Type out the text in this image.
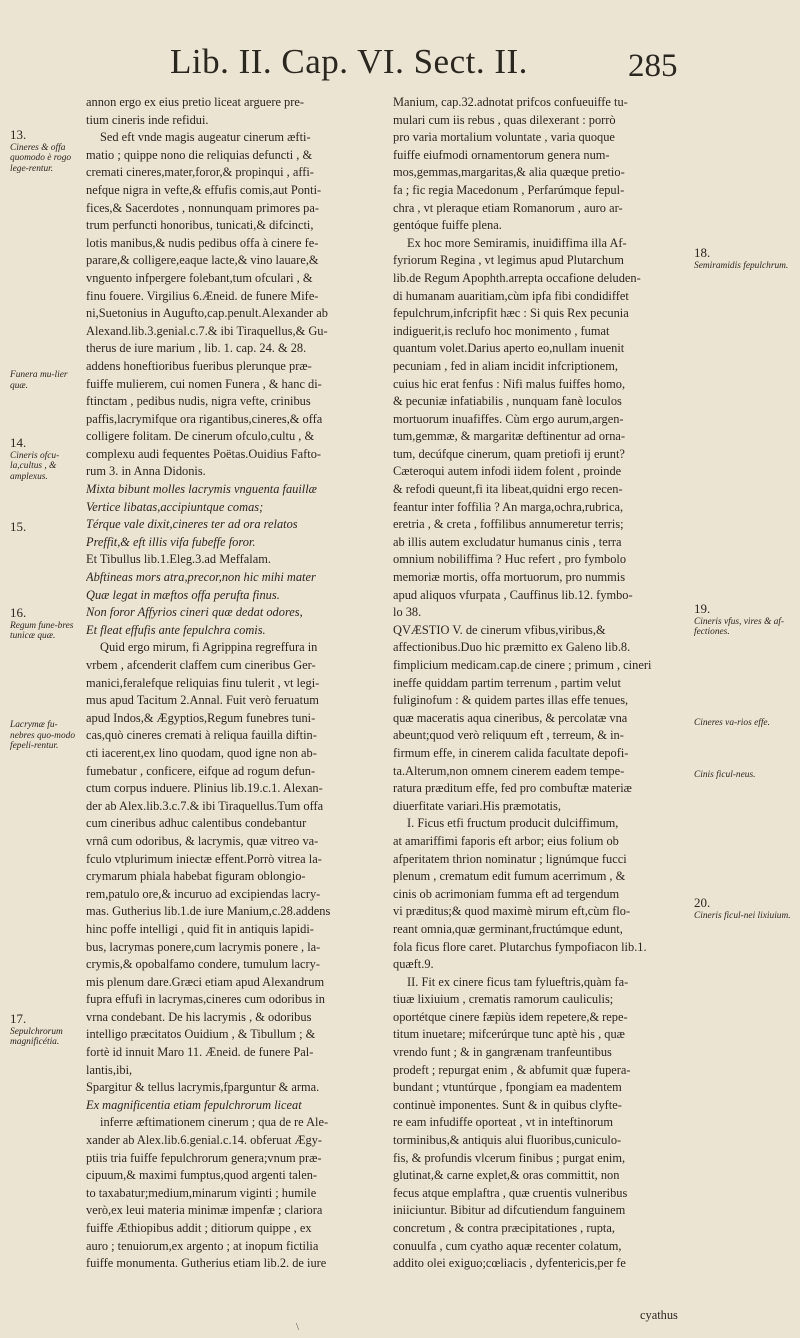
Lib. II. Cap. VI. Sect. II.	285
annon ergo ex eius pretio liceat arguere pre-
tium cineris inde refidui.
Sed eft vnde magis augeatur cinerum æfti-
matio ; quippe nono die reliquias defuncti , &
cremati cineres,mater,foror,& propinqui , affi-
nefque nigra in vefte,& effufis comis,aut Ponti-
fices,& Sacerdotes , nonnunquam primores pa-
trum perfuncti honoribus, tunicati,& difcincti,
lotis manibus,& nudis pedibus offa à cinere fe-
parare,& colligere,eaque lacte,& vino lauare,&
vnguento infpergere folebant,tum ofculari , &
finu fouere. Virgilius 6.Æneid. de funere Mife-
ni,Suetonius in Augufto,cap.penult.Alexander ab
Alexand.lib.3.genial.c.7.& ibi Tiraquellus,& Gu-
therus de iure marium , lib. 1. cap. 24. & 28.
addens honeftioribus fueribus plerunque præ-
fuiffe mulierem, cui nomen Funera , & hanc di-
ftinctam , pedibus nudis, nigra vefte, crinibus
paffis,lacrymifque ora rigantibus,cineres,& offa
colligere folitam. De cinerum ofculo,cultu , &
complexu audi fequentes Poëtas.Ouidius Fafto-
rum 3. in Anna Didonis.
Mixta bibunt molles lacrymis vnguenta fauillæ
Vertice libatas,accipiuntque comas;
Térque vale dixit,cineres ter ad ora relatos
Preffit,& eft illis vifa fubeffe foror.
Et Tibullus lib.1.Eleg.3.ad Meffalam.
Abftineas mors atra,precor,non hic mihi mater
Quæ legat in mæftos offa perufta finus.
Non foror Affyrios cineri quæ dedat odores,
Et fleat effufis ante fepulchra comis.
Quid ergo mirum, fi Agrippina regreffura in
vrbem , afcenderit claffem cum cineribus Ger-
manici,feralefque reliquias finu tulerit , vt legi-
mus apud Tacitum 2.Annal. Fuit verò feruatum
apud Indos,& Ægyptios,Regum funebres tuni-
cas,quò cineres cremati à reliqua fauilla diftin-
cti iacerent,ex lino quodam, quod igne non ab-
fumebatur , conficere, eifque ad rogum defun-
ctum corpus induere. Plinius lib.19.c.1. Alexan-
der ab Alex.lib.3.c.7.& ibi Tiraquellus.Tum offa
cum cineribus adhuc calentibus condebantur
vrnâ cum odoribus, & lacrymis, quæ vitreo va-
fculo vtplurimum iniectæ effent.Porrò vitrea la-
crymarum phiala habebat figuram oblongio-
rem,patulo ore,& incuruo ad excipiendas lacry-
mas. Gutherius lib.1.de iure Manium,c.28.addens
hinc poffe intelligi , quid fit in antiquis lapidi-
bus, lacrymas ponere,cum lacrymis ponere , la-
crymis,& opobalfamo condere, tumulum lacry-
mis plenum dare.Græci etiam apud Alexandrum
fupra effufi in lacrymas,cineres cum odoribus in
vrna condebant. De his lacrymis , & odoribus
intelligo præcitatos Ouidium , & Tibullum ; &
fortè id innuit Maro 11. Æneid. de funere Pal-
lantis,ibi,
Spargitur & tellus lacrymis,fparguntur & arma.
Ex magnificentia etiam fepulchrorum liceat
inferre æftimationem cinerum ; qua de re Ale-
xander ab Alex.lib.6.genial.c.14. obferuat Ægy-
ptiis tria fuiffe fepulchrorum genera;vnum præ-
cipuum,& maximi fumptus,quod argenti talen-
to taxabatur;medium,minarum viginti ; humile
verò,ex leui materia minimæ impenfæ ; clariora
fuiffe Æthiopibus addit ; ditiorum quippe , ex
auro ; tenuiorum,ex argento ; at inopum fictilia
fuiffe monumenta. Gutherius etiam lib.2. de iure
Manium, cap.32.adnotat prifcos confueuiffe tu-
mulari cum iis rebus , quas dilexerant : porrò
pro varia mortalium voluntate , varia quoque
fuiffe eiufmodi ornamentorum genera num-
mos,gemmas,margaritas,& alia quæque pretio-
fa ; fic regia Macedonum , Perfarúmque fepul-
chra , vt pleraque etiam Romanorum , auro ar-
gentóque fuiffe plena.
Ex hoc more Semiramis, inuiđiffima illa Af-
fyriorum Regina , vt legimus apud Plutarchum
lib.de Regum Apophth.arrepta occafione deluden-
di humanam auaritiam,cùm ipfa fibi condidiffet
fepulchrum,infcripfit hæc : Si quis Rex pecunia
indiguerit,is reclufo hoc monimento , fumat
quantum volet.Darius aperto eo,nullam inuenit
pecuniam , fed in aliam incidit infcriptionem,
cuius hic erat fenfus : Nifi malus fuiffes homo,
& pecuniæ infatiabilis , nunquam fanè loculos
mortuorum inuafiffes. Cùm ergo aurum,argen-
tum,gemmæ, & margaritæ deftinentur ad orna-
tum, decúfque cinerum, quam pretiofi ij erunt?
Cæteroqui autem infodi iidem folent , proinde
& refodi queunt,fi ita libeat,quidni ergo recen-
feantur inter foffilia ? An marga,ochra,rubrica,
eretria , & creta , foffilibus annumeretur terris;
ab illis autem excludatur humanus cinis , terra
omnium nobiliffima ? Huc refert , pro fymbolo
memoriæ mortis, offa mortuorum, pro nummis
apud aliquos vfurpata , Cauffinus lib.12. fymbo-
lo 38.
QVÆSTIO V. de cinerum vfibus,viribus,&
affectionibus.Duo hic præmitto ex Galeno lib.8.
fimplicium medicam.cap.de cinere ; primum , cineri
ineffe quiddam partim terrenum , partim velut
fuliginofum : & quidem partes illas effe tenues,
quæ maceratis aqua cineribus, & percolatæ vna
abeunt;quod verò reliquum eft , terreum, & in-
firmum effe, in cinerem calida facultate depofi-
ta.Alterum,non omnem cinerem eadem tempe-
ratura præditum effe, fed pro combuftæ materiæ
diuerfitate variari.His præmotatis,
I. Ficus etfi fructum producit dulciffimum,
at amariffimi faporis eft arbor; eius folium ob
afperitatem thrion nominatur ; lignúmque fucci
plenum , crematum edit fumum acerrimum , &
cinis ob acrimoniam fumma eft ad tergendum
vi præditus;& quod maximè mirum eft,cùm flo-
reant omnia,quæ germinant,fructúmque edunt,
fola ficus flore caret. Plutarchus fympofiacon lib.1.
quæft.9.
II. Fit ex cinere ficus tam fylueftris,quàm fa-
tiuæ lixiuium , crematis ramorum cauliculis;
oportétque cinere fæpiùs idem repetere,& repe-
titum inuetare; mifcerúrque tunc aptè his , quæ
vrendo funt ; & in gangrænam tranfeuntibus
prodeft ; repurgat enim , & abfumit quæ fupera-
bundant ; vtuntúrque , fpongiam ea madentem
continuè imponentes. Sunt & in quibus clyfte-
re eam infudiffe oporteat , vt in inteftinorum
torminibus,& antiquis alui fluoribus,cuniculo-
fis, & profundis vlcerum finibus ; purgat enim,
glutinat,& carne explet,& oras committit, non
fecus atque emplaftra , quæ cruentis vulneribus
iniiciuntur. Bibitur ad difcutiendum fanguinem
concretum , & contra præcipitationes , rupta,
conuulfa , cum cyatho aquæ recenter colatum,
addito olei exiguo;cœliacis , dyfentericis,per fe
13.
Cineres & offa quomodo è rogo lege-rentur.
Funera mu-lier quæ.
14.
Cineris ofcu-la,cultus , & amplexus.
15.
16.
Regum fune-bres tunicæ quæ.
Lacrymæ fu-nebres quo-modo fepeli-rentur.
17.
Sepulchrorum magnificétia.
18.
Semiramidis fepulchrum.
19.
Cineris vfus, vires & af-fectiones.
Cineres va-rios effe.
Cinis ficul-neus.
20.
Cineris ficul-nei lixiuium.
cyathus
\
